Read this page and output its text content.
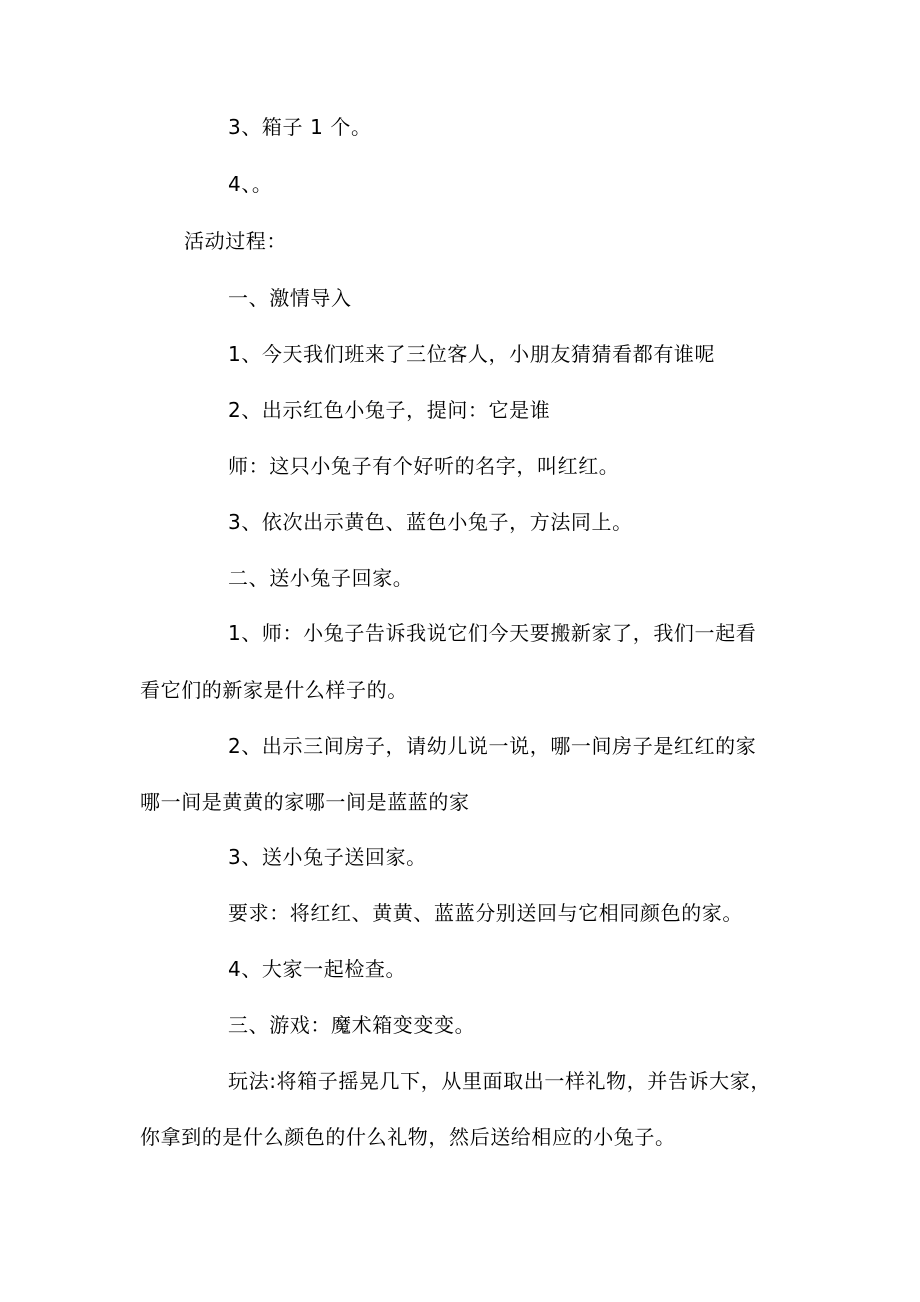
3、箱子 1 个。
4、。
活动过程：
一、激情导入
1、今天我们班来了三位客人，小朋友猜猜看都有谁呢
2、出示红色小兔子，提问：它是谁
师：这只小兔子有个好听的名字，叫红红。
3、依次出示黄色、蓝色小兔子，方法同上。
二、送小兔子回家。
1、师：小兔子告诉我说它们今天要搬新家了，我们一起看
看它们的新家是什么样子的。
2、出示三间房子，请幼儿说一说，哪一间房子是红红的家
哪一间是黄黄的家哪一间是蓝蓝的家
3、送小兔子送回家。
要求：将红红、黄黄、蓝蓝分别送回与它相同颜色的家。
4、大家一起检查。
三、游戏：魔术箱变变变。
玩法:将箱子摇晃几下，从里面取出一样礼物，并告诉大家，
你拿到的是什么颜色的什么礼物，然后送给相应的小兔子。
